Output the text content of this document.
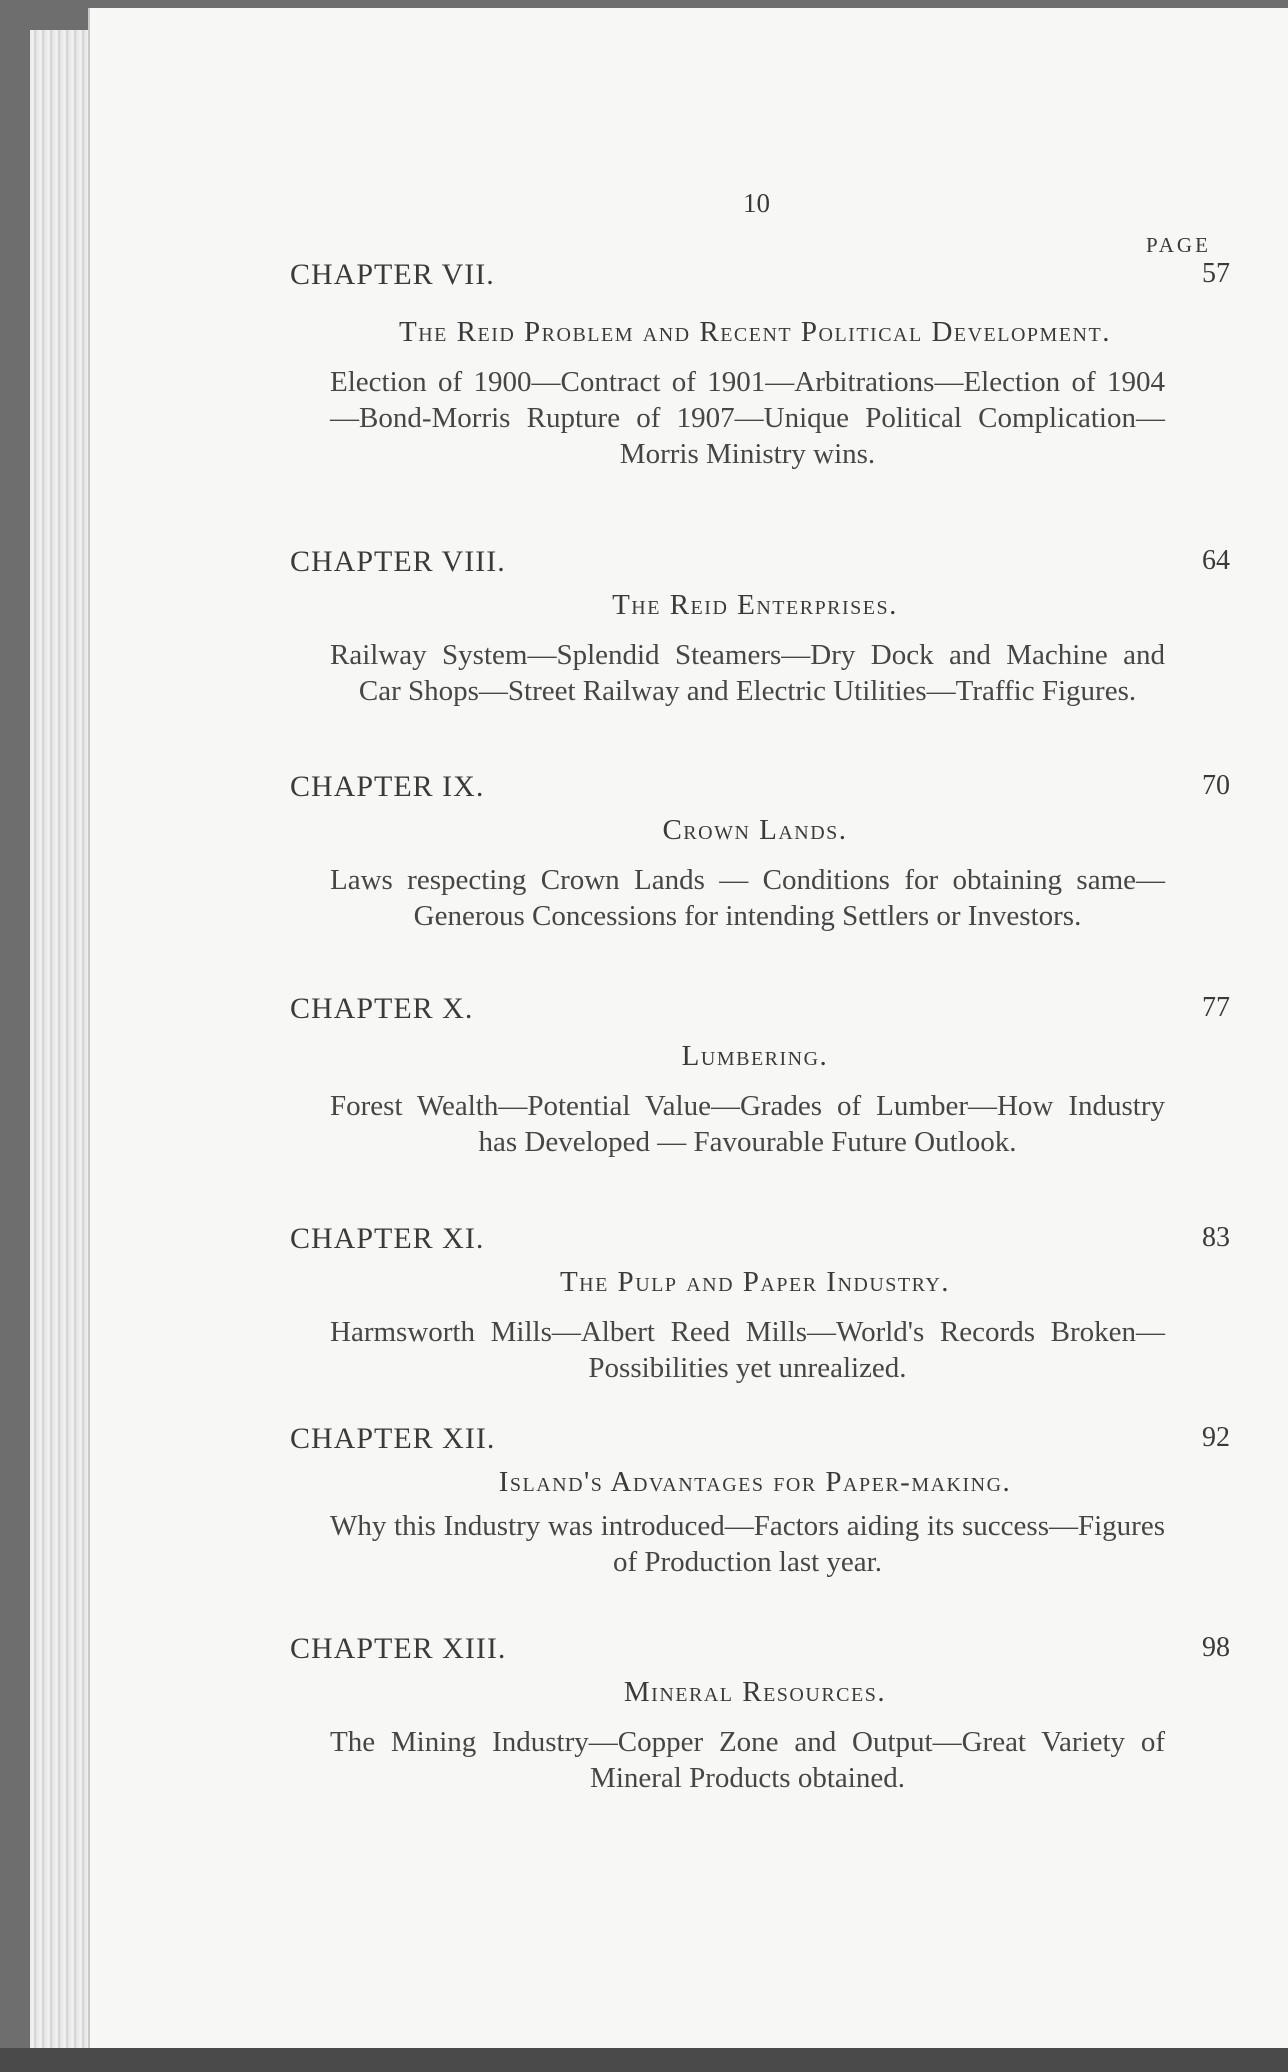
10
PAGE
CHAPTER VII.	57
The Reid Problem and Recent Political Development.
Election of 1900—Contract of 1901—Arbitrations—Election of 1904—Bond-Morris Rupture of 1907—Unique Political Complication—Morris Ministry wins.
CHAPTER VIII.	64
The Reid Enterprises.
Railway System—Splendid Steamers—Dry Dock and Machine and Car Shops—Street Railway and Electric Utilities—Traffic Figures.
CHAPTER IX.	70
Crown Lands.
Laws respecting Crown Lands — Conditions for obtaining same—Generous Concessions for intending Settlers or Investors.
CHAPTER X.	77
Lumbering.
Forest Wealth—Potential Value—Grades of Lumber—How Industry has Developed — Favourable Future Outlook.
CHAPTER XI.	83
The Pulp and Paper Industry.
Harmsworth Mills—Albert Reed Mills—World's Records Broken—Possibilities yet unrealized.
CHAPTER XII.	92
Island's Advantages for Paper-making.
Why this Industry was introduced—Factors aiding its success—Figures of Production last year.
CHAPTER XIII.	98
Mineral Resources.
The Mining Industry—Copper Zone and Output—Great Variety of Mineral Products obtained.
